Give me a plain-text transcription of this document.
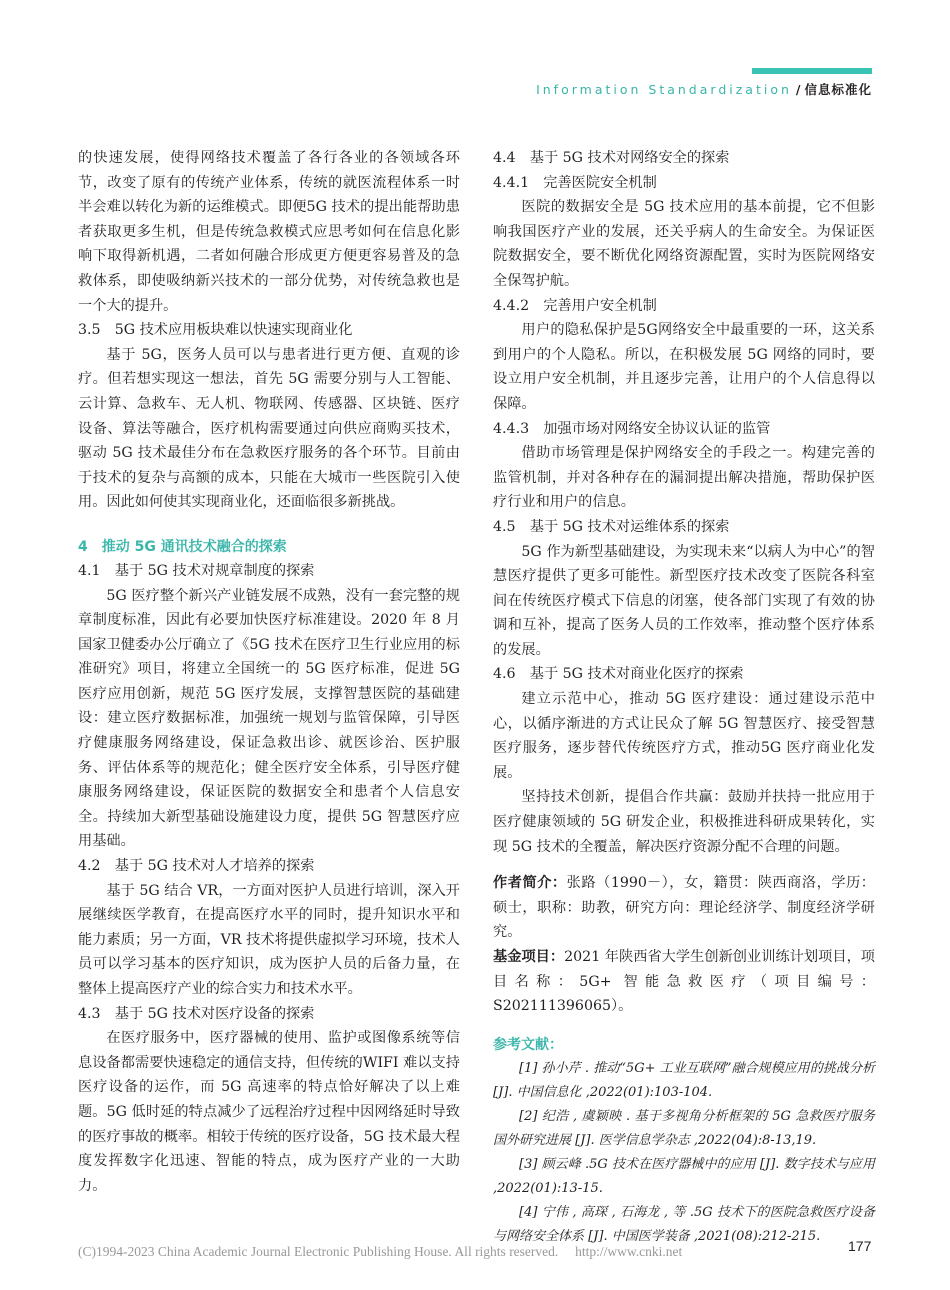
Information Standardization / 信息标准化

的快速发展，使得网络技术覆盖了各行各业的各领域各环节，改变了原有的传统产业体系，传统的就医流程体系一时半会难以转化为新的运维模式。即便5G 技术的提出能帮助患者获取更多生机，但是传统急救模式应思考如何在信息化影响下取得新机遇，二者如何融合形成更方便更容易普及的急救体系，即使吸纳新兴技术的一部分优势，对传统急救也是一个大的提升。

3.5　5G 技术应用板块难以快速实现商业化

基于 5G，医务人员可以与患者进行更方便、直观的诊疗。但若想实现这一想法，首先 5G 需要分别与人工智能、云计算、急救车、无人机、物联网、传感器、区块链、医疗设备、算法等融合，医疗机构需要通过向供应商购买技术，驱动 5G 技术最佳分布在急救医疗服务的各个环节。目前由于技术的复杂与高额的成本，只能在大城市一些医院引入使用。因此如何使其实现商业化，还面临很多新挑战。

4　推动 5G 通讯技术融合的探索

4.1　基于 5G 技术对规章制度的探索

5G 医疗整个新兴产业链发展不成熟，没有一套完整的规章制度标准，因此有必要加快医疗标准建设。2020 年 8 月国家卫健委办公厅确立了《5G 技术在医疗卫生行业应用的标准研究》项目，将建立全国统一的 5G 医疗标准，促进 5G 医疗应用创新，规范 5G 医疗发展，支撑智慧医院的基础建设：建立医疗数据标准，加强统一规划与监管保障，引导医疗健康服务网络建设，保证急救出诊、就医诊治、医护服务、评估体系等的规范化；健全医疗安全体系，引导医疗健康服务网络建设，保证医院的数据安全和患者个人信息安全。持续加大新型基础设施建设力度，提供 5G 智慧医疗应用基础。

4.2　基于 5G 技术对人才培养的探索

基于 5G 结合 VR，一方面对医护人员进行培训，深入开展继续医学教育，在提高医疗水平的同时，提升知识水平和能力素质；另一方面，VR 技术将提供虚拟学习环境，技术人员可以学习基本的医疗知识，成为医护人员的后备力量，在整体上提高医疗产业的综合实力和技术水平。

4.3　基于 5G 技术对医疗设备的探索

在医疗服务中，医疗器械的使用、监护或图像系统等信息设备都需要快速稳定的通信支持，但传统的WIFI 难以支持医疗设备的运作，而 5G 高速率的特点恰好解决了以上难题。5G 低时延的特点减少了远程治疗过程中因网络延时导致的医疗事故的概率。相较于传统的医疗设备，5G 技术最大程度发挥数字化迅速、智能的特点，成为医疗产业的一大助力。

4.4　基于 5G 技术对网络安全的探索

4.4.1　完善医院安全机制

医院的数据安全是 5G 技术应用的基本前提，它不但影响我国医疗产业的发展，还关乎病人的生命安全。为保证医院数据安全，要不断优化网络资源配置，实时为医院网络安全保驾护航。

4.4.2　完善用户安全机制

用户的隐私保护是5G网络安全中最重要的一环，这关系到用户的个人隐私。所以，在积极发展 5G 网络的同时，要设立用户安全机制，并且逐步完善，让用户的个人信息得以保障。

4.4.3　加强市场对网络安全协议认证的监管

借助市场管理是保护网络安全的手段之一。构建完善的监管机制，并对各种存在的漏洞提出解决措施，帮助保护医疗行业和用户的信息。

4.5　基于 5G 技术对运维体系的探索

5G 作为新型基础建设，为实现未来“以病人为中心”的智慧医疗提供了更多可能性。新型医疗技术改变了医院各科室间在传统医疗模式下信息的闭塞，使各部门实现了有效的协调和互补，提高了医务人员的工作效率，推动整个医疗体系的发展。

4.6　基于 5G 技术对商业化医疗的探索

建立示范中心，推动 5G 医疗建设：通过建设示范中心，以循序渐进的方式让民众了解 5G 智慧医疗、接受智慧医疗服务，逐步替代传统医疗方式，推动5G 医疗商业化发展。

坚持技术创新，提倡合作共赢：鼓励并扶持一批应用于医疗健康领域的 5G 研发企业，积极推进科研成果转化，实现 5G 技术的全覆盖，解决医疗资源分配不合理的问题。

作者简介：张路（1990－），女，籍贯：陕西商洛，学历：硕士，职称：助教，研究方向：理论经济学、制度经济学研究。
基金项目：2021 年陕西省大学生创新创业训练计划项目，项目名称：5G+ 智能急救医疗（项目编号：S202111396065）。
参考文献：

[1] 孙小芹 . 推动“5G+ 工业互联网”融合规模应用的挑战分析 [J]. 中国信息化 ,2022(01):103-104.

[2] 纪浩 , 虞颖映 . 基于多视角分析框架的 5G 急救医疗服务国外研究进展 [J]. 医学信息学杂志 ,2022(04):8-13,19.

[3] 顾云峰 .5G 技术在医疗器械中的应用 [J]. 数字技术与应用 ,2022(01):13-15.

[4] 宁伟 , 高琛 , 石海龙 , 等 .5G 技术下的医院急救医疗设备与网络安全体系 [J]. 中国医学装备 ,2021(08):212-215.

(C)1994-2023 China Academic Journal Electronic Publishing House. All rights reserved.　 http://www.cnki.net	177
